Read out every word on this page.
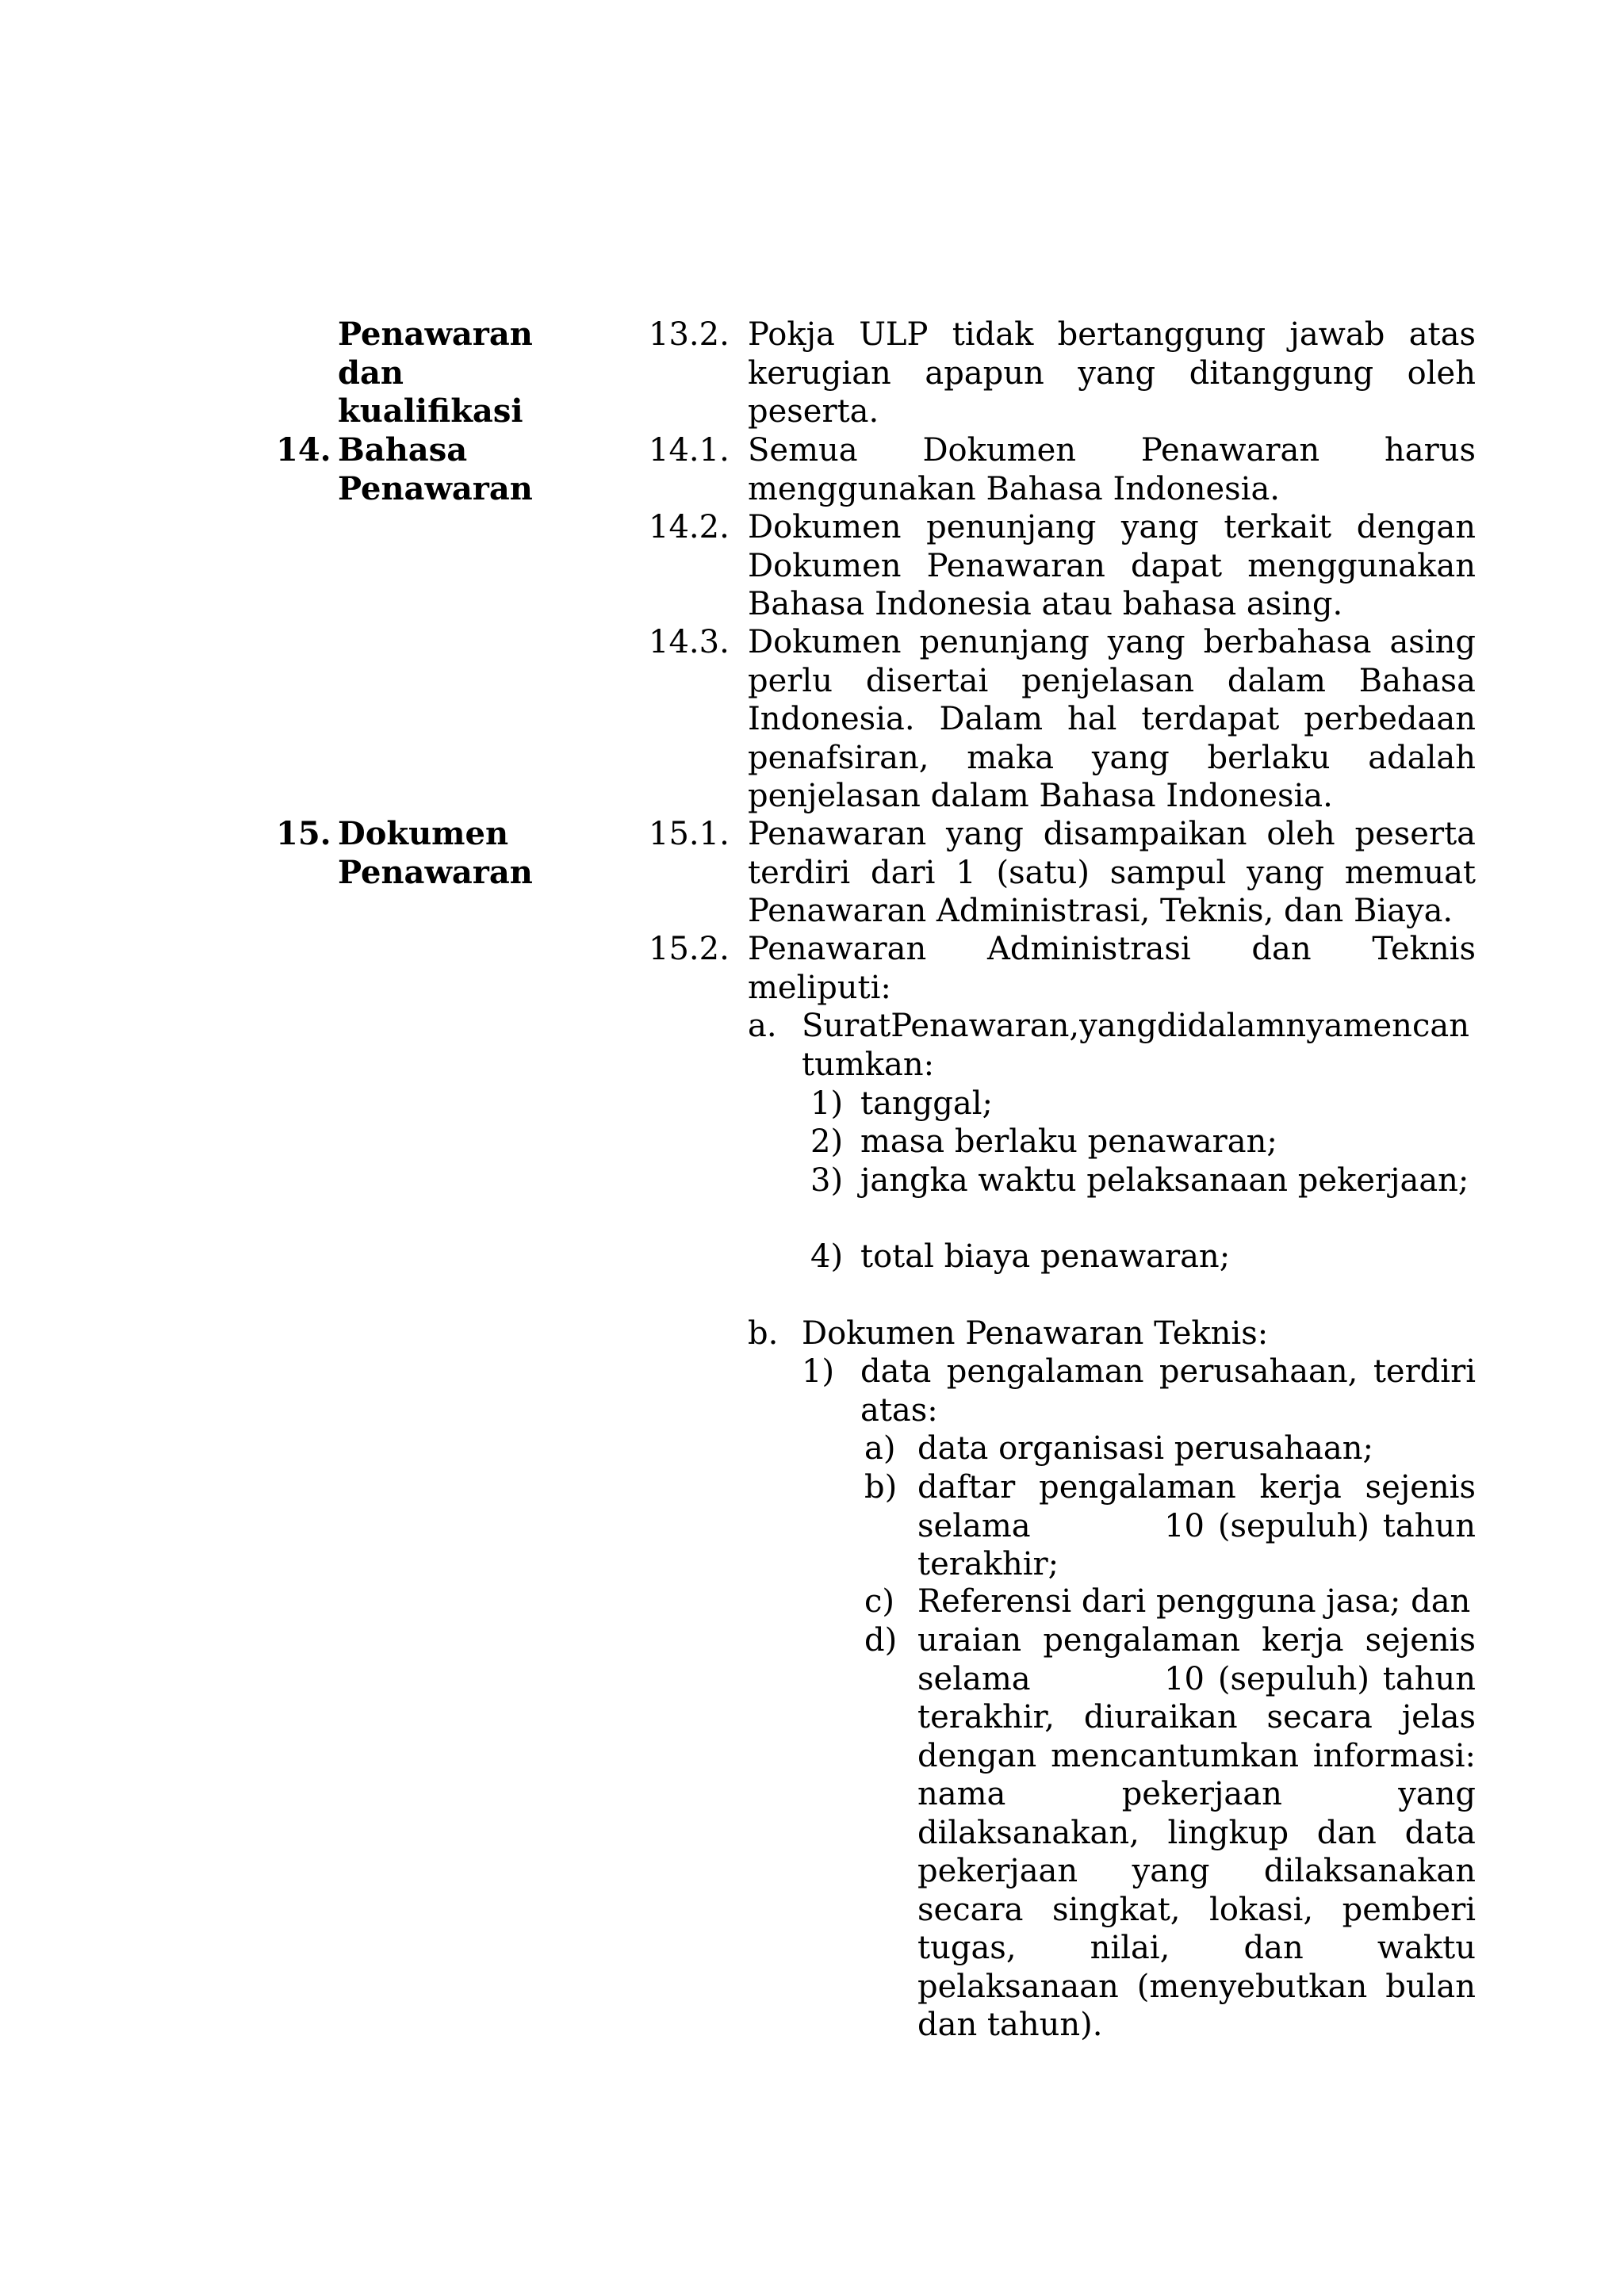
Penawaran dan
kualifikasi
13.2. Pokja ULP tidak bertanggung jawab atas kerugian apapun yang ditanggung oleh peserta.
14. Bahasa
Penawaran
14.1. Semua Dokumen Penawaran harus menggunakan Bahasa Indonesia.
14.2. Dokumen penunjang yang terkait dengan Dokumen Penawaran dapat menggunakan Bahasa Indonesia atau bahasa asing.
14.3. Dokumen penunjang yang berbahasa asing perlu disertai penjelasan dalam Bahasa Indonesia. Dalam hal terdapat perbedaan penafsiran, maka yang berlaku adalah penjelasan dalam Bahasa Indonesia.
15. Dokumen
Penawaran
15.1. Penawaran yang disampaikan oleh peserta terdiri dari 1 (satu) sampul yang memuat Penawaran Administrasi, Teknis, dan Biaya.
15.2. Penawaran Administrasi dan Teknis meliputi:
a. SuratPenawaran,yangdidalamnyamencan
tumkan:
1) tanggal;
2) masa berlaku penawaran;
3) jangka waktu pelaksanaan pekerjaan;
4) total biaya penawaran;
b. Dokumen Penawaran Teknis:
1) data pengalaman perusahaan, terdiri atas:
a) data organisasi perusahaan;
b) daftar pengalaman kerja sejenis selama          10 (sepuluh) tahun terakhir;
c) Referensi dari pengguna jasa; dan
d) uraian pengalaman kerja sejenis selama          10 (sepuluh) tahun terakhir, diuraikan secara jelas dengan mencantumkan informasi: nama pekerjaan yang dilaksanakan, lingkup dan data pekerjaan yang dilaksanakan secara singkat, lokasi, pemberi tugas, nilai, dan waktu pelaksanaan (menyebutkan bulan dan tahun).
